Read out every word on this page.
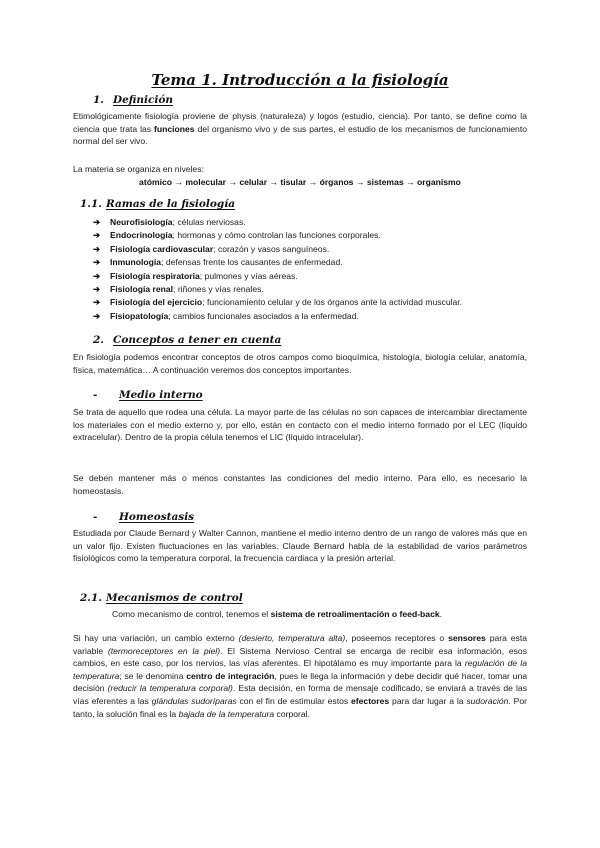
Tema 1. Introducción a la fisiología
1. Definición

Etimológicamente fisiología proviene de physis (naturaleza) y logos (estudio, ciencia). Por tanto, se define como la ciencia que trata las funciones del organismo vivo y de sus partes, el estudio de los mecanismos de funcionamiento normal del ser vivo.

La materia se organiza en niveles:

atómico → molecular → celular → tisular → órganos → sistemas → organismo
1.1. Ramas de la fisiología
➔ Neurofisiología; células nerviosas.
➔ Endocrinología; hormonas y cómo controlan las funciones corporales.
➔ Fisiología cardiovascular; corazón y vasos sanguíneos.
➔ Inmunología; defensas frente los causantes de enfermedad.
➔ Fisiología respiratoria; pulmones y vías aéreas.
➔ Fisiología renal; riñones y vías renales.
➔ Fisiología del ejercicio; funcionamiento celular y de los órganos ante la actividad muscular.
➔ Fisiopatología; cambios funcionales asociados a la enfermedad.
2. Conceptos a tener en cuenta

En fisiología podemos encontrar conceptos de otros campos como bioquímica, histología, biología celular, anatomía, física, matemática… A continuación veremos dos conceptos importantes.

- Medio interno

Se trata de aquello que rodea una célula. La mayor parte de las células no son capaces de intercambiar directamente los materiales con el medio externo y, por ello, están en contacto con el medio interno formado por el LEC (líquido extracelular). Dentro de la propia célula tenemos el LIC (líquido intracelular).

Se deben mantener más o menos constantes las condiciones del medio interno. Para ello, es necesario la homeostasis.

- Homeostasis

Estudiada por Claude Bernard y Walter Cannon, mantiene el medio interno dentro de un rango de valores más que en un valor fijo. Existen fluctuaciones en las variables. Claude Bernard habla de la estabilidad de varios parámetros fisiológicos como la temperatura corporal, la frecuencia cardiaca y la presión arterial.

2.1. Mecanismos de control

Como mecanismo de control, tenemos el sistema de retroalimentación o feed-back.

Si hay una variación, un cambio externo (desierto, temperatura alta), poseemos receptores o sensores para esta variable (termoreceptores en la piel). El Sistema Nervioso Central se encarga de recibir esa información, esos cambios, en este caso, por los nervios, las vías aferentes. El hipotálamo es muy importante para la regulación de la temperatura; se le denomina centro de integración, pues le llega la información y debe decidir qué hacer, tomar una decisión (reducir la temperatura corporal). Esta decisión, en forma de mensaje codificado, se enviará a través de las vías eferentes a las glándulas sudoríparas con el fin de estimular estos efectores para dar lugar a la sudoración. Por tanto, la solución final es la bajada de la temperatura corporal.
